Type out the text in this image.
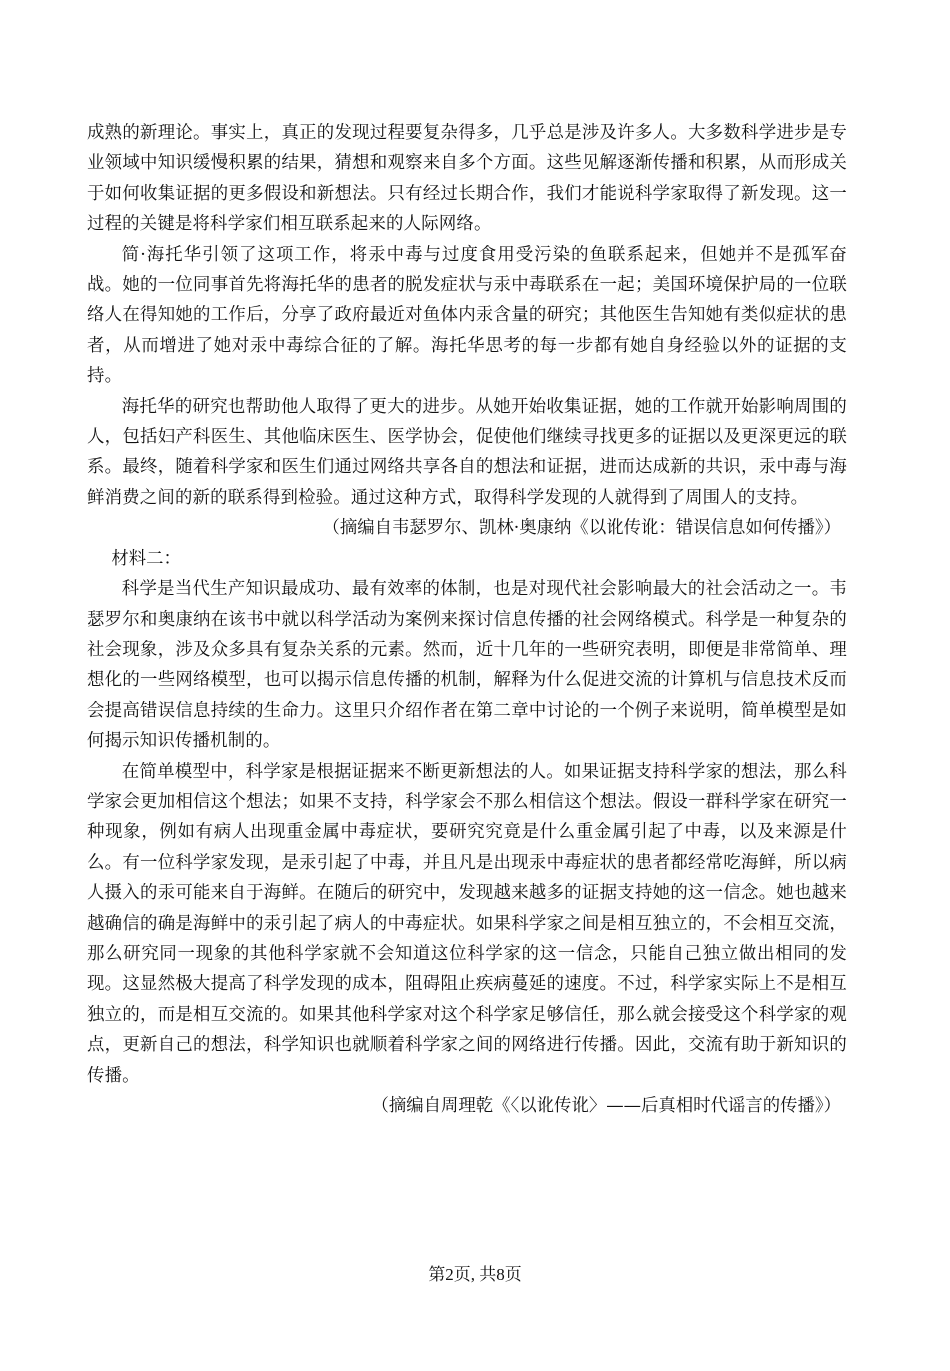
成熟的新理论。事实上，真正的发现过程要复杂得多，几乎总是涉及许多人。大多数科学进步是专业领域中知识缓慢积累的结果，猜想和观察来自多个方面。这些见解逐渐传播和积累，从而形成关于如何收集证据的更多假设和新想法。只有经过长期合作，我们才能说科学家取得了新发现。这一过程的关键是将科学家们相互联系起来的人际网络。

简·海托华引领了这项工作，将汞中毒与过度食用受污染的鱼联系起来，但她并不是孤军奋战。她的一位同事首先将海托华的患者的脱发症状与汞中毒联系在一起；美国环境保护局的一位联络人在得知她的工作后，分享了政府最近对鱼体内汞含量的研究；其他医生告知她有类似症状的患者，从而增进了她对汞中毒综合征的了解。海托华思考的每一步都有她自身经验以外的证据的支持。

海托华的研究也帮助他人取得了更大的进步。从她开始收集证据，她的工作就开始影响周围的人，包括妇产科医生、其他临床医生、医学协会，促使他们继续寻找更多的证据以及更深更远的联系。最终，随着科学家和医生们通过网络共享各自的想法和证据，进而达成新的共识，汞中毒与海鲜消费之间的新的联系得到检验。通过这种方式，取得科学发现的人就得到了周围人的支持。

（摘编自韦瑟罗尔、凯林·奥康纳《以讹传讹：错误信息如何传播》）

材料二：

科学是当代生产知识最成功、最有效率的体制，也是对现代社会影响最大的社会活动之一。韦瑟罗尔和奥康纳在该书中就以科学活动为案例来探讨信息传播的社会网络模式。科学是一种复杂的社会现象，涉及众多具有复杂关系的元素。然而，近十几年的一些研究表明，即便是非常简单、理想化的一些网络模型，也可以揭示信息传播的机制，解释为什么促进交流的计算机与信息技术反而会提高错误信息持续的生命力。这里只介绍作者在第二章中讨论的一个例子来说明，简单模型是如何揭示知识传播机制的。

在简单模型中，科学家是根据证据来不断更新想法的人。如果证据支持科学家的想法，那么科学家会更加相信这个想法；如果不支持，科学家会不那么相信这个想法。假设一群科学家在研究一种现象，例如有病人出现重金属中毒症状，要研究究竟是什么重金属引起了中毒，以及来源是什么。有一位科学家发现，是汞引起了中毒，并且凡是出现汞中毒症状的患者都经常吃海鲜，所以病人摄入的汞可能来自于海鲜。在随后的研究中，发现越来越多的证据支持她的这一信念。她也越来越确信的确是海鲜中的汞引起了病人的中毒症状。如果科学家之间是相互独立的，不会相互交流，那么研究同一现象的其他科学家就不会知道这位科学家的这一信念，只能自己独立做出相同的发现。这显然极大提高了科学发现的成本，阻碍阻止疾病蔓延的速度。不过，科学家实际上不是相互独立的，而是相互交流的。如果其他科学家对这个科学家足够信任，那么就会接受这个科学家的观点，更新自己的想法，科学知识也就顺着科学家之间的网络进行传播。因此，交流有助于新知识的传播。

（摘编自周理乾《〈以讹传讹〉——后真相时代谣言的传播》）

第2页, 共8页
